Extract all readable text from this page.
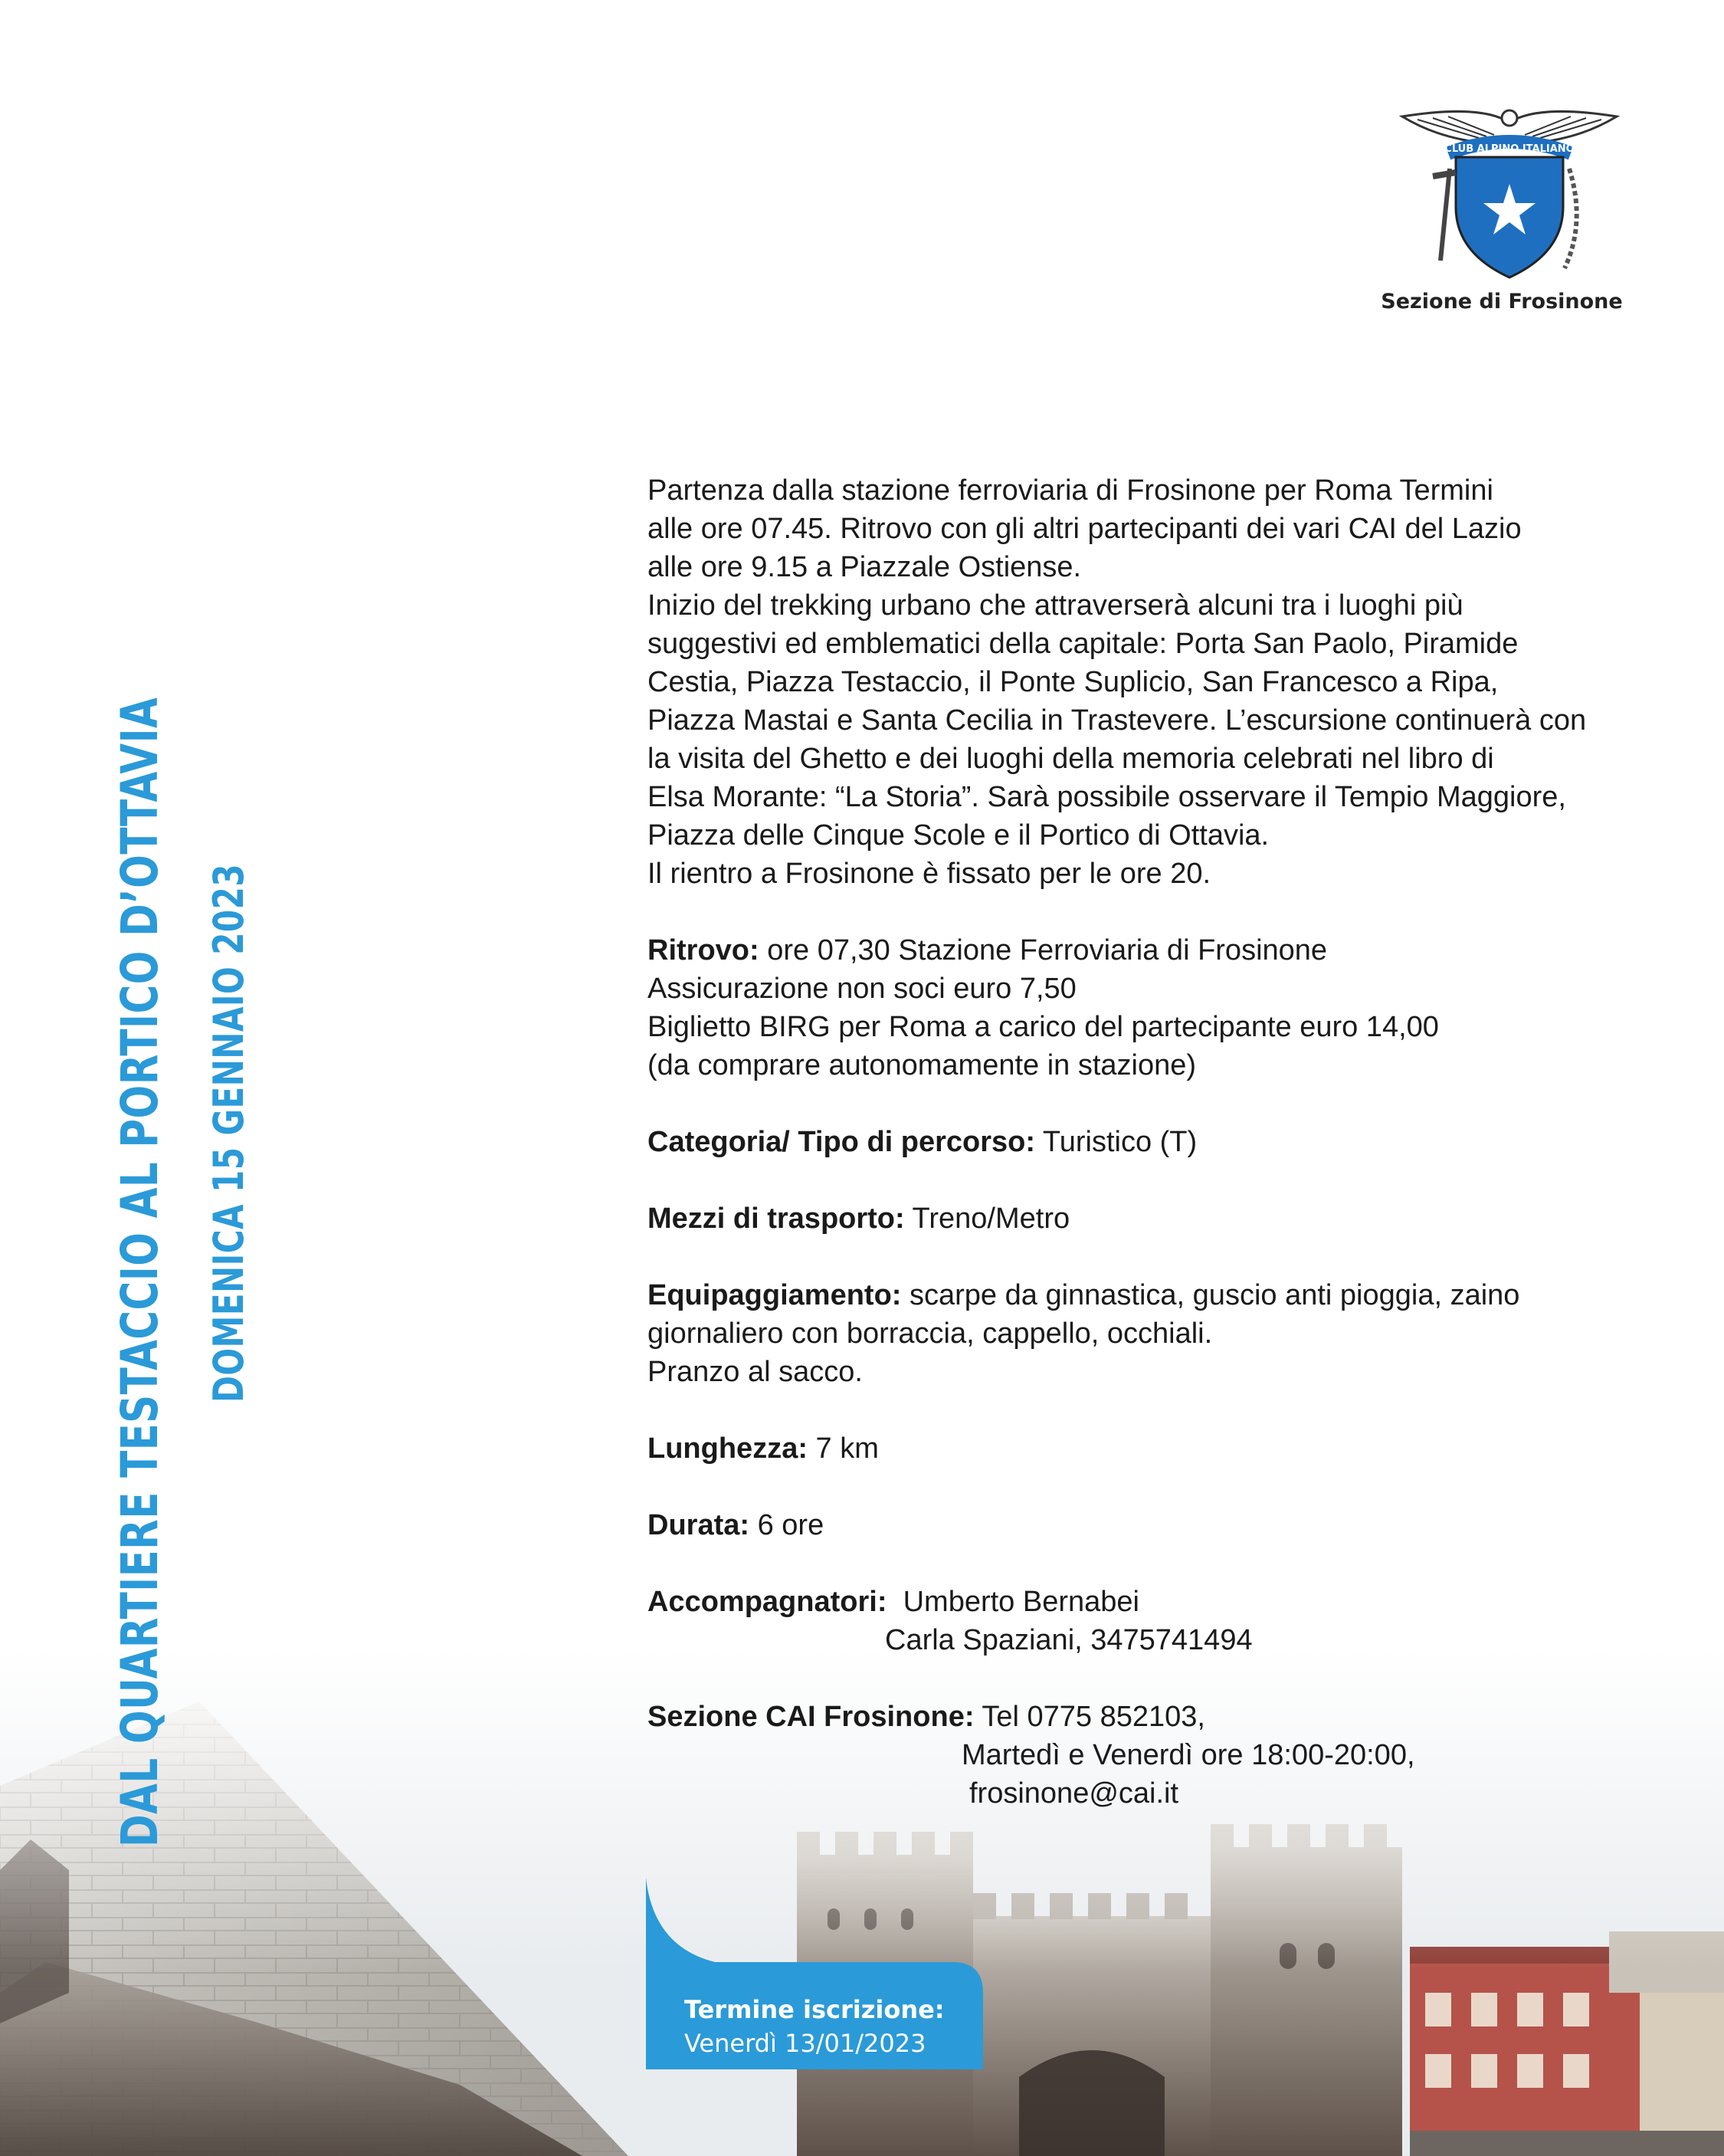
CLUB ALPINO ITALIANO
Sezione di Frosinone
DAL QUARTIERE TESTACCIO AL PORTICO D’OTTAVIA DOMENICA 15 GENNAIO 2023

Partenza dalla stazione ferroviaria di Frosinone per Roma Termini

alle ore 07.45. Ritrovo con gli altri partecipanti dei vari CAI del Lazio

alle ore 9.15 a Piazzale Ostiense.

Inizio del trekking urbano che attraverserà alcuni tra i luoghi più

suggestivi ed emblematici della capitale: Porta San Paolo, Piramide

Cestia, Piazza Testaccio, il Ponte Suplicio, San Francesco a Ripa,

Piazza Mastai e Santa Cecilia in Trastevere. L’escursione continuerà con

la visita del Ghetto e dei luoghi della memoria celebrati nel libro di

Elsa Morante: “La Storia”. Sarà possibile osservare il Tempio Maggiore,

Piazza delle Cinque Scole e il Portico di Ottavia.

Il rientro a Frosinone è fissato per le ore 20.

Ritrovo: ore 07,30 Stazione Ferroviaria di Frosinone

Assicurazione non soci euro 7,50

Biglietto BIRG per Roma a carico del partecipante euro 14,00

(da comprare autonomamente in stazione)

Categoria/ Tipo di percorso: Turistico (T)

Mezzi di trasporto: Treno/Metro

Equipaggiamento: scarpe da ginnastica, guscio anti pioggia, zaino

giornaliero con borraccia, cappello, occhiali.

Pranzo al sacco.

Lunghezza: 7 km

Durata: 6 ore

Accompagnatori:  Umberto Bernabei

Carla Spaziani, 3475741494

Sezione CAI Frosinone: Tel 0775 852103,

Martedì e Venerdì ore 18:00-20:00,

frosinone@cai.it

Termine iscrizione:
Venerdì 13/01/2023
